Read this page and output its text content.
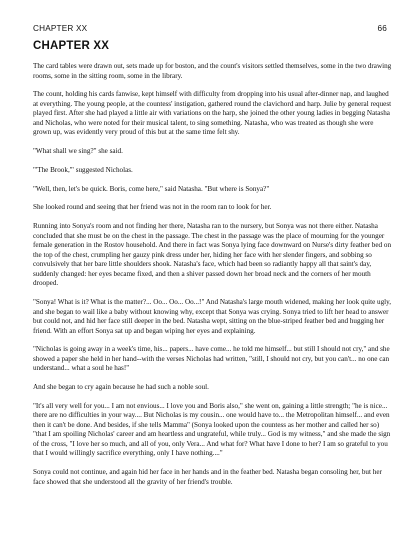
CHAPTER XX	66
CHAPTER XX

The card tables were drawn out, sets made up for boston, and the count's visitors settled themselves, some in the two drawing rooms, some in the sitting room, some in the library.

The count, holding his cards fanwise, kept himself with difficulty from dropping into his usual after-dinner nap, and laughed at everything. The young people, at the countess' instigation, gathered round the clavichord and harp. Julie by general request played first. After she had played a little air with variations on the harp, she joined the other young ladies in begging Natasha and Nicholas, who were noted for their musical talent, to sing something. Natasha, who was treated as though she were grown up, was evidently very proud of this but at the same time felt shy.

"What shall we sing?" she said.

"'The Brook,'" suggested Nicholas.

"Well, then, let's be quick. Boris, come here," said Natasha. "But where is Sonya?"

She looked round and seeing that her friend was not in the room ran to look for her.

Running into Sonya's room and not finding her there, Natasha ran to the nursery, but Sonya was not there either. Natasha concluded that she must be on the chest in the passage. The chest in the passage was the place of mourning for the younger female generation in the Rostov household. And there in fact was Sonya lying face downward on Nurse's dirty feather bed on the top of the chest, crumpling her gauzy pink dress under her, hiding her face with her slender fingers, and sobbing so convulsively that her bare little shoulders shook. Natasha's face, which had been so radiantly happy all that saint's day, suddenly changed: her eyes became fixed, and then a shiver passed down her broad neck and the corners of her mouth drooped.

"Sonya! What is it? What is the matter?... Oo... Oo... Oo...!" And Natasha's large mouth widened, making her look quite ugly, and she began to wail like a baby without knowing why, except that Sonya was crying. Sonya tried to lift her head to answer but could not, and hid her face still deeper in the bed. Natasha wept, sitting on the blue-striped feather bed and hugging her friend. With an effort Sonya sat up and began wiping her eyes and explaining.

"Nicholas is going away in a week's time, his... papers... have come... he told me himself... but still I should not cry," and she showed a paper she held in her hand--with the verses Nicholas had written, "still, I should not cry, but you can't... no one can understand... what a soul he has!"

And she began to cry again because he had such a noble soul.

"It's all very well for you... I am not envious... I love you and Boris also," she went on, gaining a little strength; "he is nice... there are no difficulties in your way.... But Nicholas is my cousin... one would have to... the Metropolitan himself... and even then it can't be done. And besides, if she tells Mamma" (Sonya looked upon the countess as her mother and called her so) "that I am spoiling Nicholas' career and am heartless and ungrateful, while truly... God is my witness," and she made the sign of the cross, "I love her so much, and all of you, only Vera... And what for? What have I done to her? I am so grateful to you that I would willingly sacrifice everything, only I have nothing...."

Sonya could not continue, and again hid her face in her hands and in the feather bed. Natasha began consoling her, but her face showed that she understood all the gravity of her friend's trouble.
